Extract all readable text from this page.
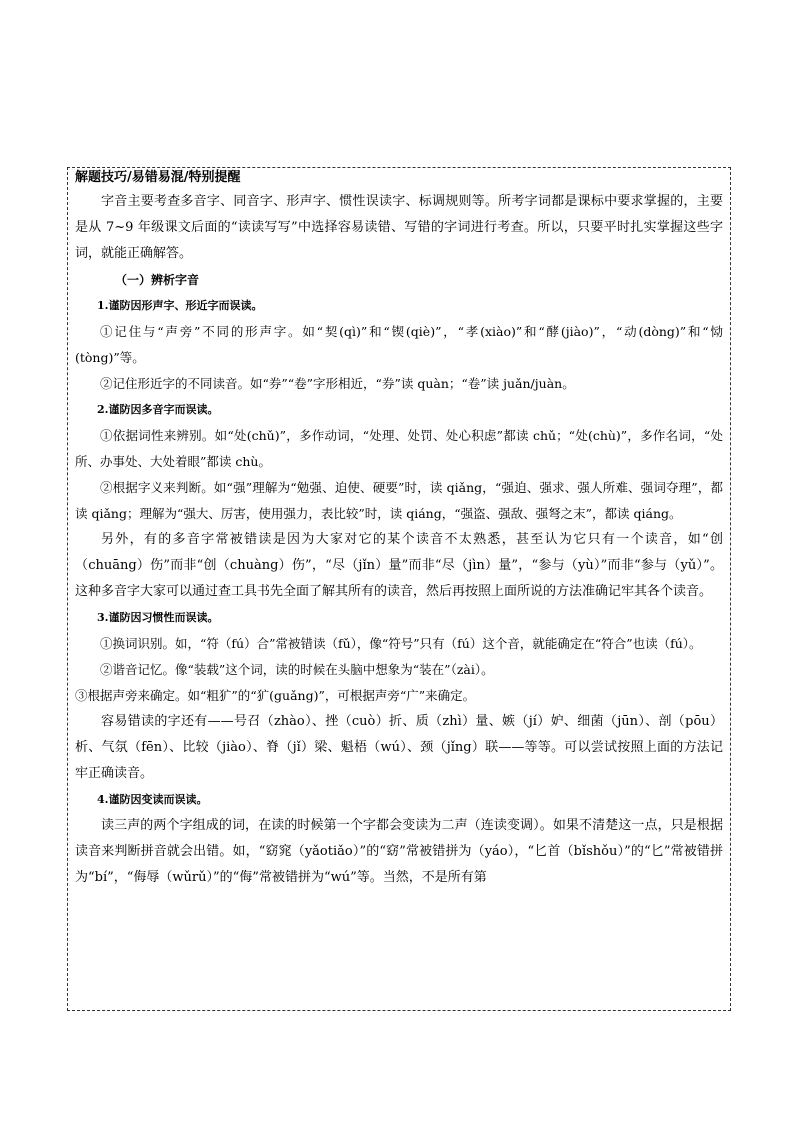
解题技巧/易错易混/特别提醒

字音主要考查多音字、同音字、形声字、惯性误读字、标调规则等。所考字词都是课标中要求掌握的，主要是从 7~9 年级课文后面的“读读写写”中选择容易读错、写错的字词进行考查。所以，只要平时扎实掌握这些字词，就能正确解答。

（一）辨析字音

1.谨防因形声字、形近字而误读。

①记住与“声旁”不同的形声字。如“契(qì)”和“锲(qiè)”，“孝(xiào)”和“酵(jiào)”，“动(dòng)”和“恸(tòng)”等。

②记住形近字的不同读音。如“券”“卷”字形相近，“券”读 quàn；“卷”读 juǎn/juàn。

2.谨防因多音字而误读。

①依据词性来辨别。如“处(chǔ)”，多作动词，“处理、处罚、处心积虑”都读 chǔ；“处(chù)”，多作名词，“处所、办事处、大处着眼”都读 chù。

②根据字义来判断。如“强”理解为“勉强、迫使、硬要”时，读 qiǎng，“强迫、强求、强人所难、强词夺理”，都读 qiǎng；理解为“强大、厉害，使用强力，表比较”时，读 qiáng，“强盗、强敌、强弩之末”，都读 qiáng。

另外，有的多音字常被错读是因为大家对它的某个读音不太熟悉，甚至认为它只有一个读音，如“创（chuāng）伤”而非“创（chuàng）伤”，“尽（jǐn）量”而非“尽（jìn）量”，“参与（yù）”而非“参与（yǔ）”。这种多音字大家可以通过查工具书先全面了解其所有的读音，然后再按照上面所说的方法准确记牢其各个读音。

3.谨防因习惯性而误读。

①换词识别。如，“符（fú）合”常被错读（fǔ），像“符号”只有（fú）这个音，就能确定在“符合”也读（fú）。

②谐音记忆。像“装载”这个词，读的时候在头脑中想象为“装在”（zài）。

③根据声旁来确定。如“粗犷”的“犷(guǎng)”，可根据声旁“广”来确定。

容易错读的字还有——号召（zhào）、挫（cuò）折、质（zhì）量、嫉（jí）妒、细菌（jūn）、剖（pōu）析、气氛（fēn）、比较（jiào）、脊（jǐ）梁、魁梧（wú）、颈（jǐng）联——等等。可以尝试按照上面的方法记牢正确读音。

4.谨防因变读而误读。

读三声的两个字组成的词，在读的时候第一个字都会变读为二声（连读变调）。如果不清楚这一点，只是根据读音来判断拼音就会出错。如，“窈窕（yǎotiǎo）”的“窈”常被错拼为（yáo），“匕首（bǐshǒu）”的“匕”常被错拼为“bí”，“侮辱（wǔrǔ）”的“侮”常被错拼为“wú”等。当然，不是所有第
